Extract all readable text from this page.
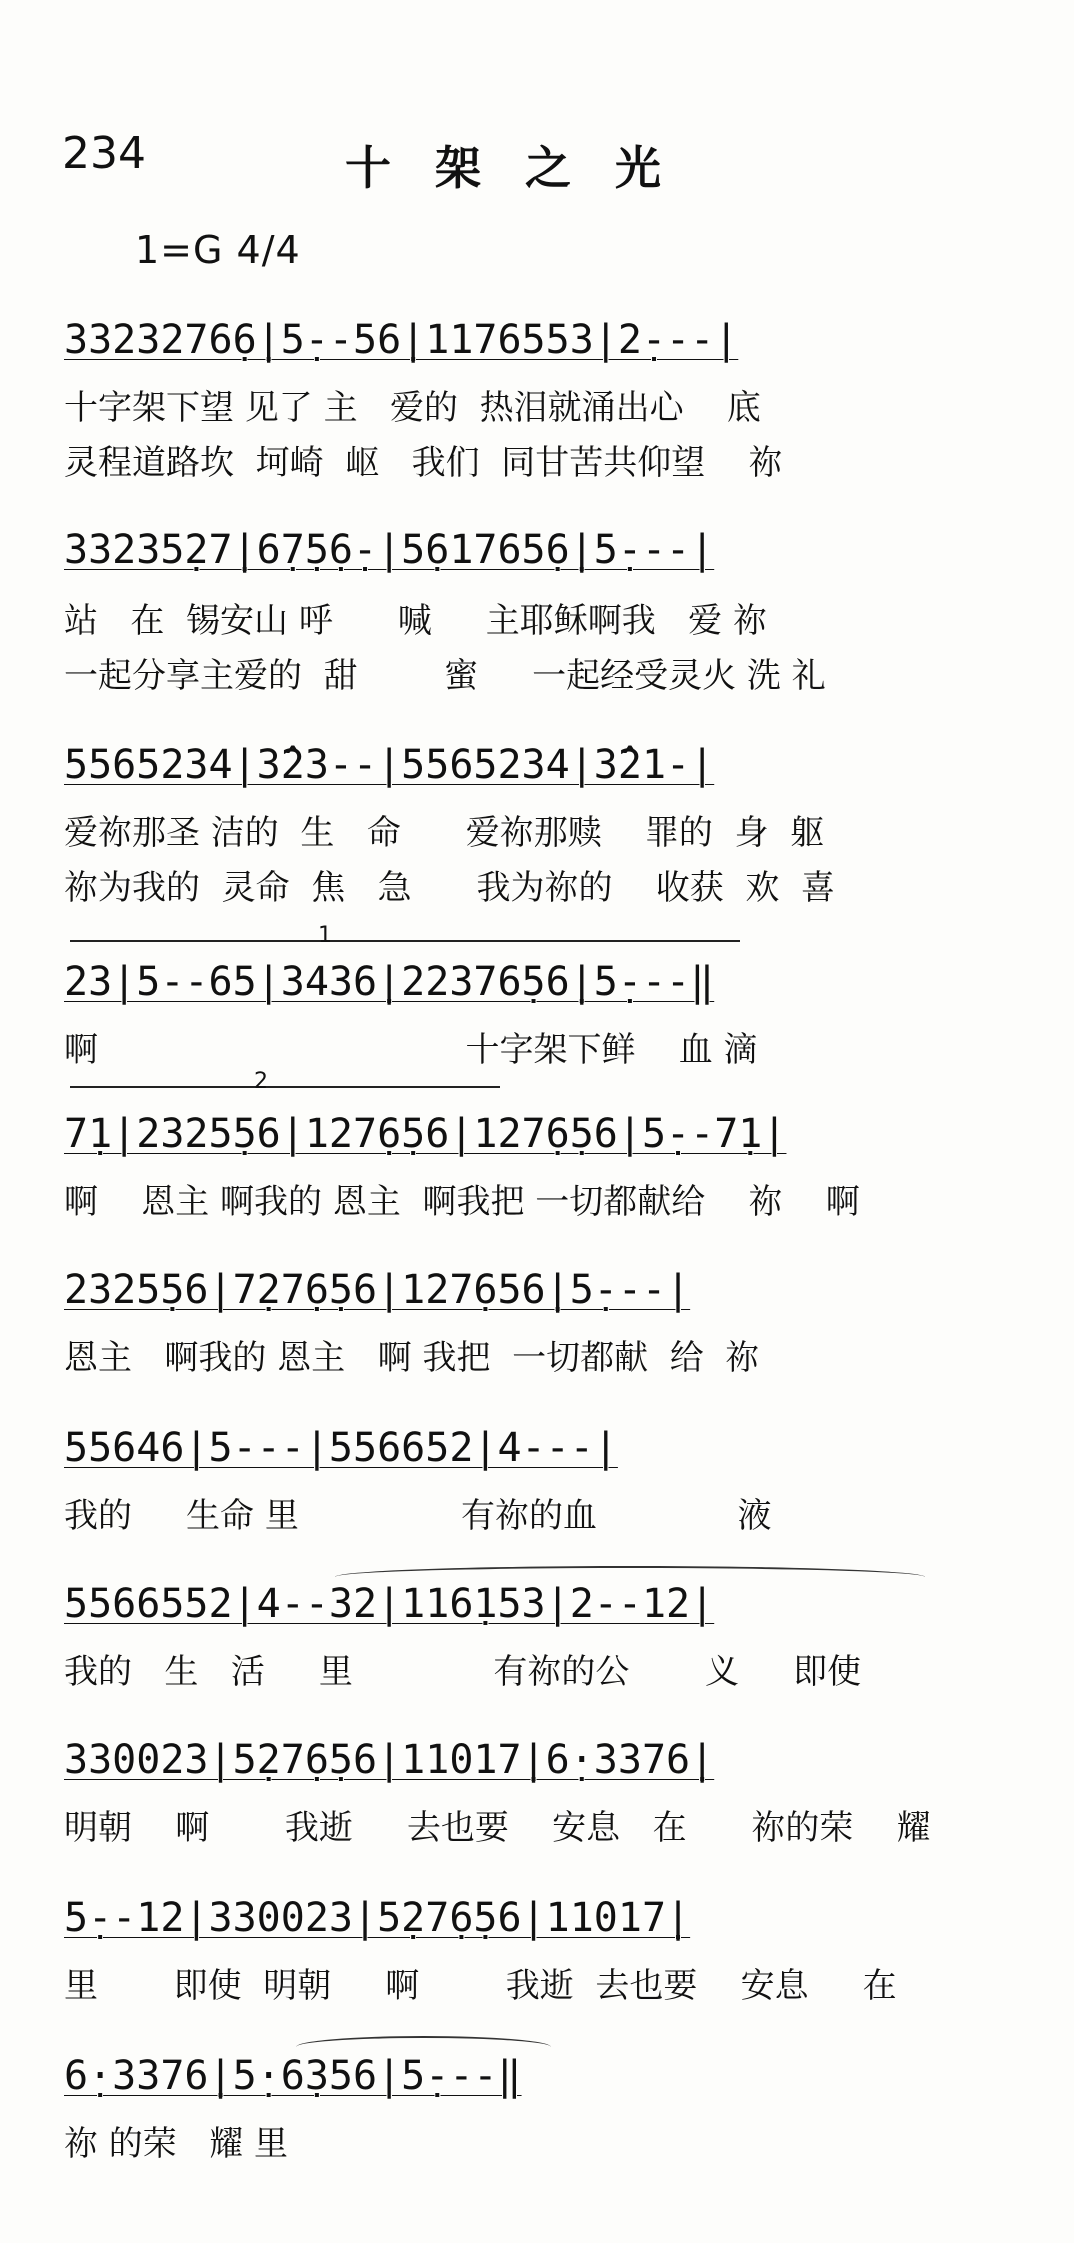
234	十架之光
1=G 4/4
3323276̣6̣|5̣--56̣|1176553|2̣---|
十字架下望 见了 主   爱的  热泪就涌出心    底
灵程道路坎  坷崎  岖   我们  同甘苦共仰望    祢
33235̣27̣|6̣7̣5̣6̣-|5̣61765̣6̣|5̣---|
站   在  锡安山 呼      喊     主耶稣啊我   爱 祢
一起分享主爱的  甜        蜜     一起经受灵火 洗 礼
5565234|3̂23--|5565234|3̂21-|
爱祢那圣 洁的  生   命      爱祢那赎    罪的  身  躯
祢为我的  灵命  焦   急      我为祢的    收获  欢  喜
1
23|5--65|3436̣|22376̣56̣|5̣---‖
啊                                  十字架下鲜    血 滴
2
7̣1|2325̣56|127̣6̣56|127̣6̣56|5̣--7̣1|
啊    恩主 啊我的 恩主  啊我把 一切都献给    祢    啊
2325̣56|7̣27̣6̣56|127̣656̣|5̣---|
恩主   啊我的 恩主   啊 我把  一切都献  给  祢
55646|5---|556652|4---|
我的     生命 里               有祢的血             液
5566552|4--32|116̣153|2--12|
我的   生   活     里             有祢的公       义     即使
330023|5̣27̣6̣56|11017̣|6̣·3376̣|
明朝    啊       我逝     去也要    安息   在      祢的荣    耀
5̣--12|330023|5̣27̣6̣56|11017̣|
里       即使  明朝     啊        我逝  去也要    安息     在
6̣·3376̣|5̣·6̣356|5̣---‖
祢 的荣   耀 里
